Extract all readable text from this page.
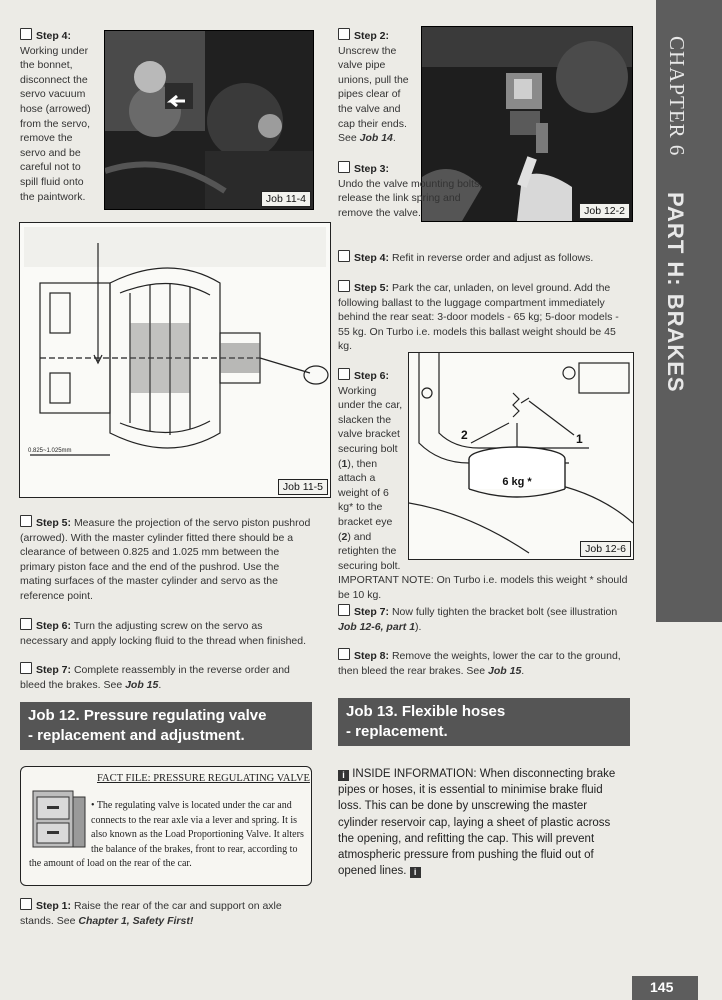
CHAPTER 6
PART H: BRAKES
145
Step 4: Working under the bonnet, disconnect the servo vacuum hose (arrowed) from the servo, remove the servo and be careful not to spill fluid onto the paintwork.	Job 11-4
0.825~1.025mm
Job 11-5
Step 5: Measure the projection of the servo piston pushrod (arrowed). With the master cylinder fitted there should be a clearance of between 0.825 and 1.025 mm between the primary piston face and the end of the pushrod. Use the mating surfaces of the master cylinder and servo as the reference point.
Step 6: Turn the adjusting screw on the servo as necessary and apply locking fluid to the thread when finished.
Step 7: Complete reassembly in the reverse order and bleed the brakes. See Job 15.
Job 12. Pressure regulating valve
- replacement and adjustment.
FACT FILE: PRESSURE REGULATING VALVE
• The regulating valve is located under the car and connects to the rear axle via a lever and spring. It is also known as the Load Proportioning Valve. It alters the balance of the brakes, front to rear, according to the amount of load on the rear of the car.
Step 1: Raise the rear of the car and support on axle stands. See Chapter 1, Safety First!
Step 2: Unscrew the valve pipe unions, pull the pipes clear of the valve and cap their ends. See Job 14.
Job 12-2
Step 3:
Undo the valve mounting bolts, release the link spring and remove the valve.
Step 4: Refit in reverse order and adjust as follows.
Step 5: Park the car, unladen, on level ground. Add the following ballast to the luggage compartment immediately behind the rear seat: 3-door models - 65 kg; 5-door models - 55 kg. On Turbo i.e. models this ballast weight should be 45 kg.
6 kg *
1
2
Job 12-6
Step 6: Working under the car, slacken the valve bracket securing bolt (1), then attach a weight of 6 kg* to the bracket eye (2) and retighten the securing bolt. IMPORTANT NOTE: On Turbo i.e. models this weight * should be 10 kg.
Step 7: Now fully tighten the bracket bolt (see illustration Job 12-6, part 1).
Step 8: Remove the weights, lower the car to the ground, then bleed the rear brakes. See Job 15.
Job 13. Flexible hoses
- replacement.
i INSIDE INFORMATION: When disconnecting brake pipes or hoses, it is essential to minimise brake fluid loss. This can be done by unscrewing the master cylinder reservoir cap, laying a sheet of plastic across the opening, and refitting the cap. This will prevent atmospheric pressure from pushing the fluid out of opened lines. i
